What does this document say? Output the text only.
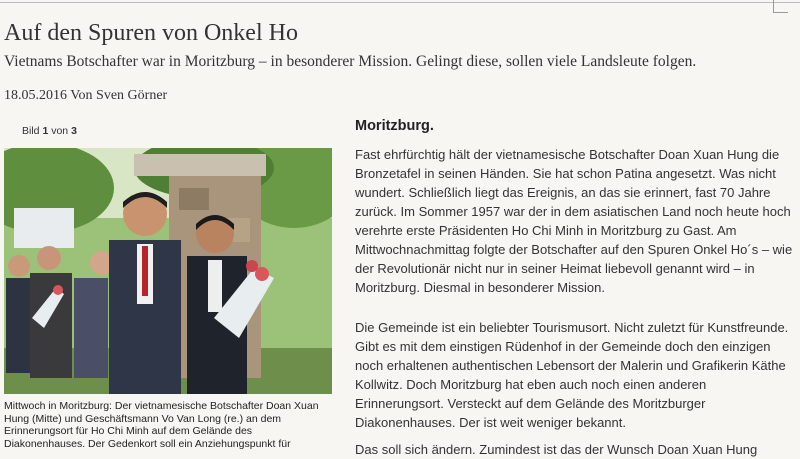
Auf den Spuren von Onkel Ho

Vietnams Botschafter war in Moritzburg – in besonderer Mission. Gelingt diese, sollen viele Landsleute folgen.

18.05.2016 Von Sven Görner
Bild 1 von 3
Mittwoch in Moritzburg: Der vietnamesische Botschafter Doan Xuan Hung (Mitte) und Geschäftsmann Vo Van Long (re.) an dem Erinnerungsort für Ho Chi Minh auf dem Gelände des Diakonenhauses. Der Gedenkort soll ein Anziehungspunkt für
Moritzburg.

Fast ehrfürchtig hält der vietnamesische Botschafter Doan Xuan Hung die Bronzetafel in seinen Händen. Sie hat schon Patina angesetzt. Was nicht wundert. Schließlich liegt das Ereignis, an das sie erinnert, fast 70 Jahre zurück. Im Sommer 1957 war der in dem asiatischen Land noch heute hoch verehrte erste Präsidenten Ho Chi Minh in Moritzburg zu Gast. Am Mittwochnachmittag folgte der Botschafter auf den Spuren Onkel Ho´s – wie der Revolutionär nicht nur in seiner Heimat liebevoll genannt wird – in Moritzburg. Diesmal in besonderer Mission.

Die Gemeinde ist ein beliebter Tourismusort. Nicht zuletzt für Kunstfreunde. Gibt es mit dem einstigen Rüdenhof in der Gemeinde doch den einzigen noch erhaltenen authentischen Lebensort der Malerin und Grafikerin Käthe Kollwitz. Doch Moritzburg hat eben auch noch einen anderen Erinnerungsort. Versteckt auf dem Gelände des Moritzburger Diakonenhauses. Der ist weit weniger bekannt.

Das soll sich ändern. Zumindest ist das der Wunsch Doan Xuan Hung
